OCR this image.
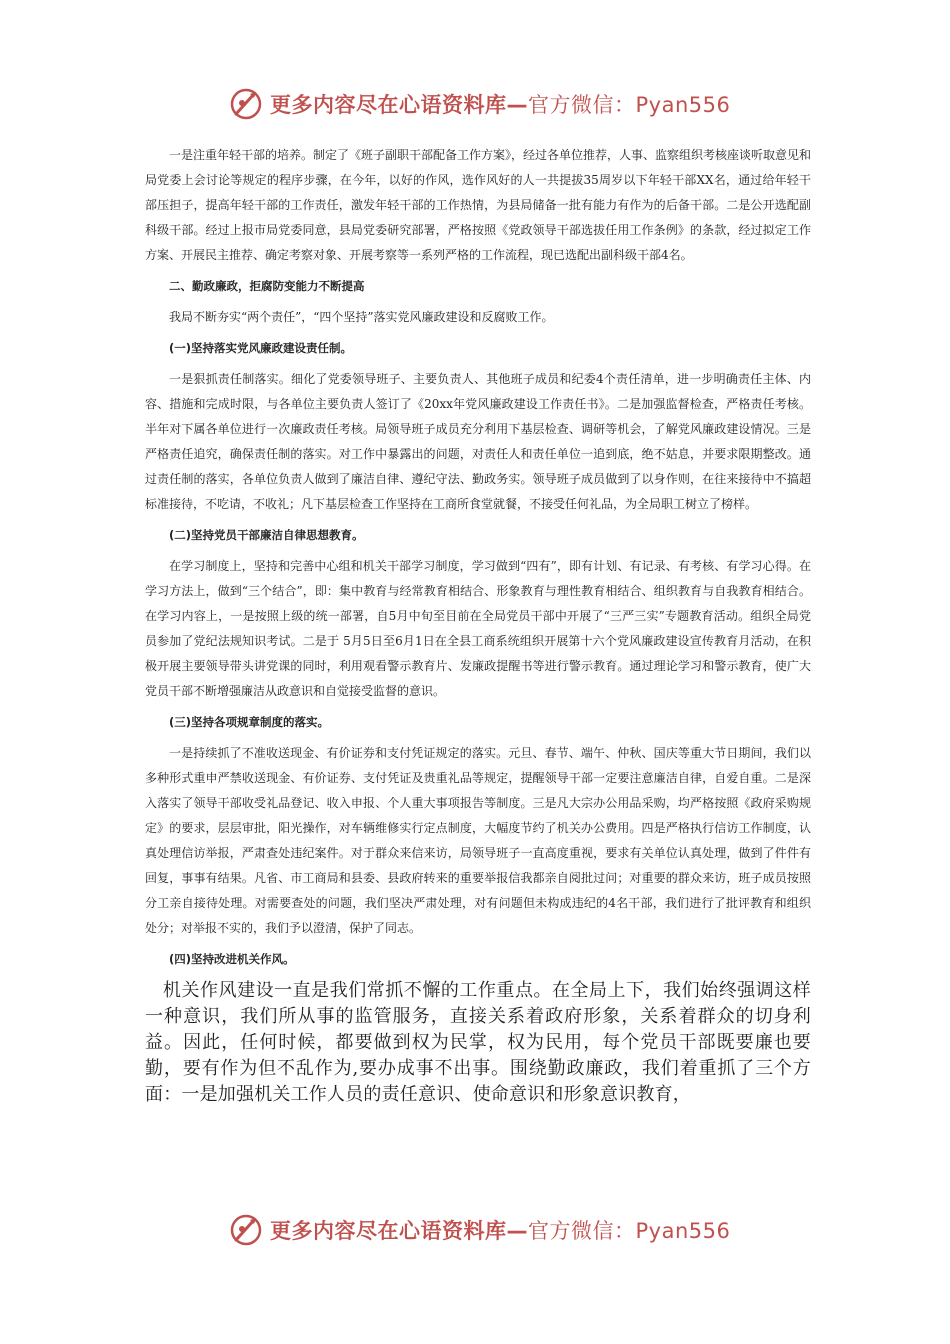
更多内容尽在心语资料库—官方微信：Pyan556

一是注重年轻干部的培养。制定了《班子副职干部配备工作方案》，经过各单位推荐，人事、监察组织考核座谈听取意见和局党委上会讨论等规定的程序步骤，在今年，以好的作风，选作风好的人一共提拔35周岁以下年轻干部XX名，通过给年轻干部压担子，提高年轻干部的工作责任，激发年轻干部的工作热情，为县局储备一批有能力有作为的后备干部。二是公开选配副科级干部。经过上报市局党委同意，县局党委研究部署，严格按照《党政领导干部选拔任用工作条例》的条款，经过拟定工作方案、开展民主推荐、确定考察对象、开展考察等一系列严格的工作流程，现已选配出副科级干部4名。

二、勤政廉政，拒腐防变能力不断提高

我局不断夯实“两个责任”，“四个坚持”落实党风廉政建设和反腐败工作。

(一)坚持落实党风廉政建设责任制。

一是狠抓责任制落实。细化了党委领导班子、主要负责人、其他班子成员和纪委4个责任清单，进一步明确责任主体、内容、措施和完成时限，与各单位主要负责人签订了《20xx年党风廉政建设工作责任书》。二是加强监督检查，严格责任考核。半年对下属各单位进行一次廉政责任考核。局领导班子成员充分利用下基层检查、调研等机会，了解党风廉政建设情况。三是严格责任追究，确保责任制的落实。对工作中暴露出的问题，对责任人和责任单位一追到底，绝不姑息，并要求限期整改。通过责任制的落实，各单位负责人做到了廉洁自律、遵纪守法、勤政务实。领导班子成员做到了以身作则，在往来接待中不搞超标准接待，不吃请，不收礼；凡下基层检查工作坚持在工商所食堂就餐，不接受任何礼品，为全局职工树立了榜样。

(二)坚持党员干部廉洁自律思想教育。

在学习制度上，坚持和完善中心组和机关干部学习制度，学习做到“四有”，即有计划、有记录、有考核、有学习心得。在学习方法上，做到“三个结合”，即：集中教育与经常教育相结合、形象教育与理性教育相结合、组织教育与自我教育相结合。在学习内容上，一是按照上级的统一部署，自5月中旬至目前在全局党员干部中开展了“三严三实”专题教育活动。组织全局党员参加了党纪法规知识考试。二是于 5月5日至6月1日在全县工商系统组织开展第十六个党风廉政建设宣传教育月活动，在积极开展主要领导带头讲党课的同时，利用观看警示教育片、发廉政提醒书等进行警示教育。通过理论学习和警示教育，使广大党员干部不断增强廉洁从政意识和自觉接受监督的意识。

(三)坚持各项规章制度的落实。

一是持续抓了不准收送现金、有价证券和支付凭证规定的落实。元旦、春节、端午、仲秋、国庆等重大节日期间，我们以多种形式重申严禁收送现金、有价证券、支付凭证及贵重礼品等规定，提醒领导干部一定要注意廉洁自律，自爱自重。二是深入落实了领导干部收受礼品登记、收入申报、个人重大事项报告等制度。三是凡大宗办公用品采购，均严格按照《政府采购规定》的要求，层层审批，阳光操作，对车辆维修实行定点制度，大幅度节约了机关办公费用。四是严格执行信访工作制度，认真处理信访举报，严肃查处违纪案件。对于群众来信来访，局领导班子一直高度重视，要求有关单位认真处理，做到了件件有回复，事事有结果。凡省、市工商局和县委、县政府转来的重要举报信我都亲自阅批过问；对重要的群众来访，班子成员按照分工亲自接待处理。对需要查处的问题，我们坚决严肃处理，对有问题但未构成违纪的4名干部，我们进行了批评教育和组织处分；对举报不实的，我们予以澄清，保护了同志。

(四)坚持改进机关作风。

机关作风建设一直是我们常抓不懈的工作重点。在全局上下，我们始终强调这样一种意识，我们所从事的监管服务，直接关系着政府形象，关系着群众的切身利益。因此，任何时候，都要做到权为民掌，权为民用，每个党员干部既要廉也要勤，要有作为但不乱作为,要办成事不出事。围绕勤政廉政，我们着重抓了三个方面：一是加强机关工作人员的责任意识、使命意识和形象意识教育，

更多内容尽在心语资料库—官方微信：Pyan556
